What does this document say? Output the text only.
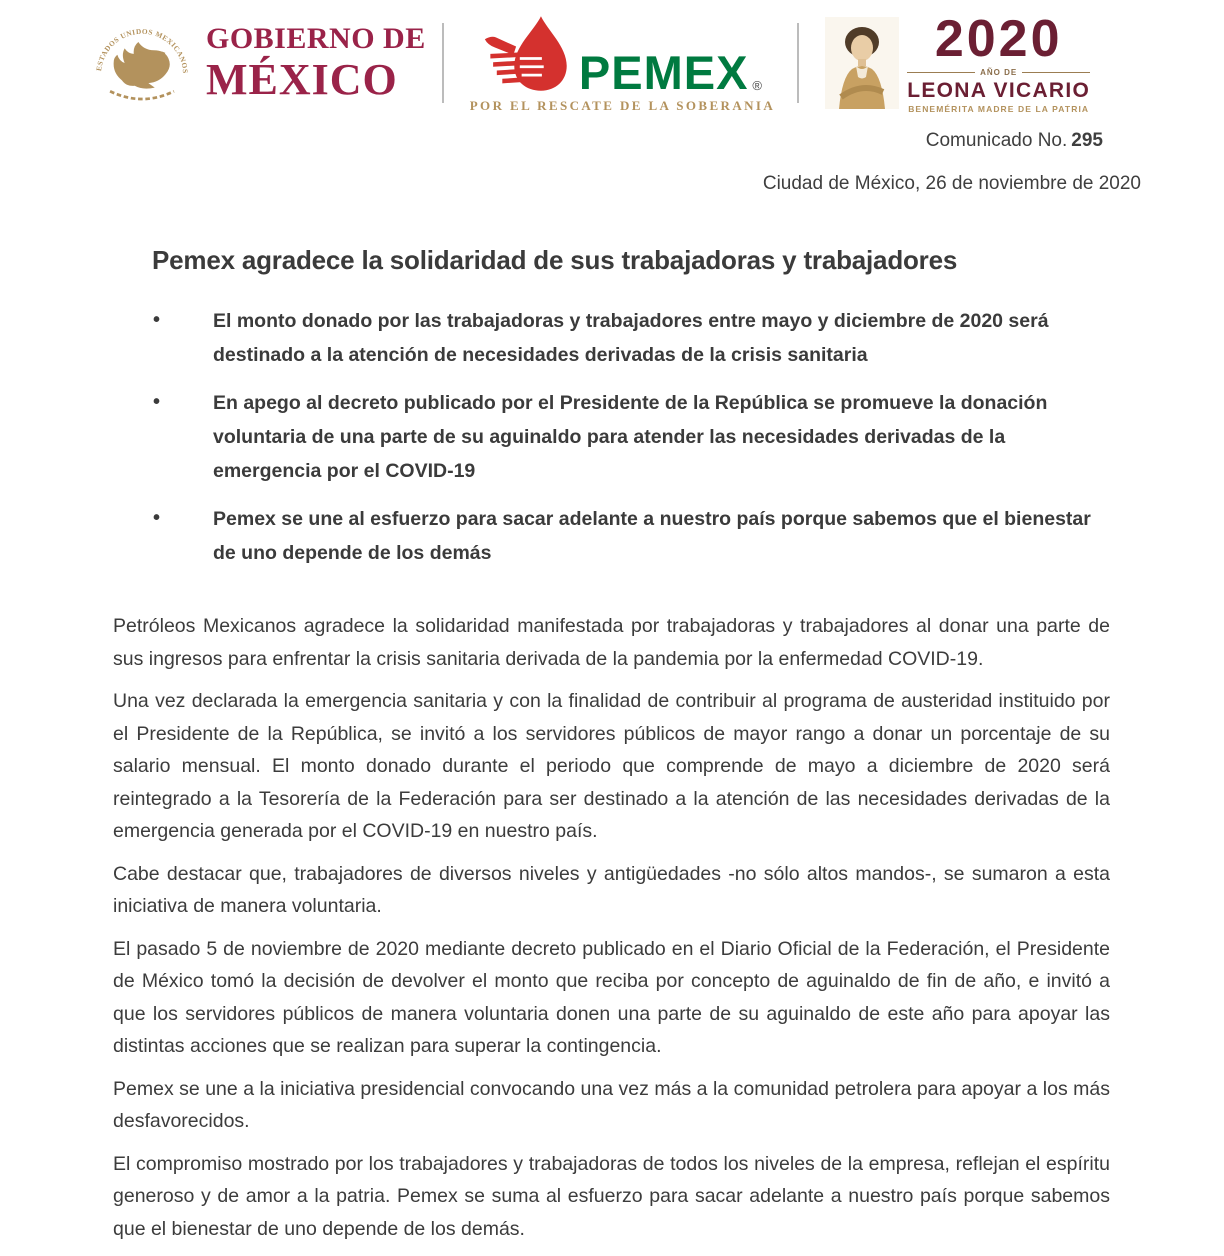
ESTADOS UNIDOS MEXICANOS
GOBIERNO DE
MÉXICO	PEMEX ®
POR EL RESCATE DE LA SOBERANIA
2020
AÑO DE
LEONA VICARIO
BENEMÉRITA MADRE DE LA PATRIA
Comunicado No. 295
Ciudad de México, 26 de noviembre de 2020
Pemex agradece la solidaridad de sus trabajadoras y trabajadores
• El monto donado por las trabajadoras y trabajadores entre mayo y diciembre de 2020 será destinado a la atención de necesidades derivadas de la crisis sanitaria
• En apego al decreto publicado por el Presidente de la República se promueve la donación voluntaria de una parte de su aguinaldo para atender las necesidades derivadas de la emergencia por el COVID-19
• Pemex se une al esfuerzo para sacar adelante a nuestro país porque sabemos que el bienestar de uno depende de los demás

Petróleos Mexicanos agradece la solidaridad manifestada por trabajadoras y trabajadores al donar una parte de sus ingresos para enfrentar la crisis sanitaria derivada de la pandemia por la enfermedad COVID-19.

Una vez declarada la emergencia sanitaria y con la finalidad de contribuir al programa de austeridad instituido por el Presidente de la República, se invitó a los servidores públicos de mayor rango a donar un porcentaje de su salario mensual. El monto donado durante el periodo que comprende de mayo a diciembre de 2020 será reintegrado a la Tesorería de la Federación para ser destinado a la atención de las necesidades derivadas de la emergencia generada por el COVID-19 en nuestro país.

Cabe destacar que, trabajadores de diversos niveles y antigüedades -no sólo altos mandos-, se sumaron a esta iniciativa de manera voluntaria.

El pasado 5 de noviembre de 2020 mediante decreto publicado en el Diario Oficial de la Federación, el Presidente de México tomó la decisión de devolver el monto que reciba por concepto de aguinaldo de fin de año, e invitó a que los servidores públicos de manera voluntaria donen una parte de su aguinaldo de este año para apoyar las distintas acciones que se realizan para superar la contingencia.

Pemex se une a la iniciativa presidencial convocando una vez más a la comunidad petrolera para apoyar a los más desfavorecidos.

El compromiso mostrado por los trabajadores y trabajadoras de todos los niveles de la empresa, reflejan el espíritu generoso y de amor a la patria. Pemex se suma al esfuerzo para sacar adelante a nuestro país porque sabemos que el bienestar de uno depende de los demás.
